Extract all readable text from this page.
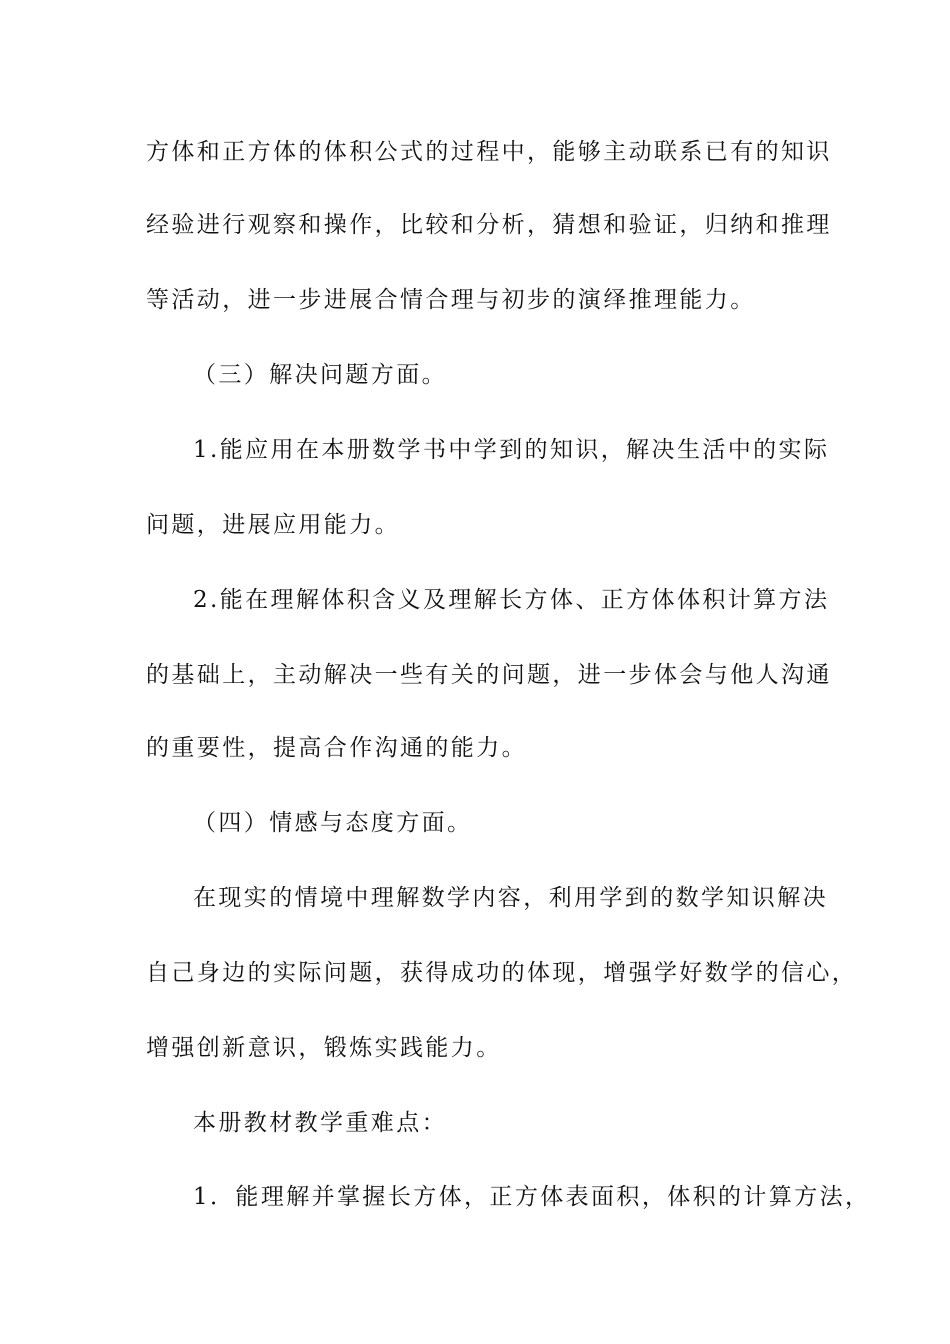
方体和正方体的体积公式的过程中，能够主动联系已有的知识
经验进行观察和操作，比较和分析，猜想和验证，归纳和推理
等活动，进一步进展合情合理与初步的演绎推理能力。
（三）解决问题方面。
1.能应用在本册数学书中学到的知识，解决生活中的实际
问题，进展应用能力。
2.能在理解体积含义及理解长方体、正方体体积计算方法
的基础上，主动解决一些有关的问题，进一步体会与他人沟通
的重要性，提高合作沟通的能力。
（四）情感与态度方面。
在现实的情境中理解数学内容，利用学到的数学知识解决
自己身边的实际问题，获得成功的体现，增强学好数学的信心，
增强创新意识，锻炼实践能力。
本册教材教学重难点：
1．能理解并掌握长方体，正方体表面积，体积的计算方法，
